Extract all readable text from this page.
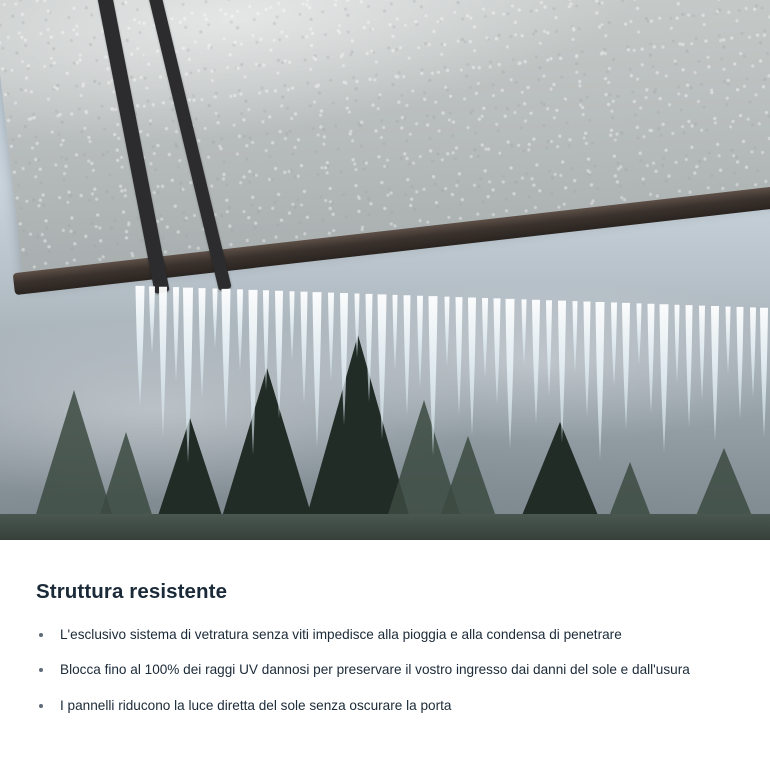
Struttura resistente
L'esclusivo sistema di vetratura senza viti impedisce alla pioggia e alla condensa di penetrare
Blocca fino al 100% dei raggi UV dannosi per preservare il vostro ingresso dai danni del sole e dall'usura
I pannelli riducono la luce diretta del sole senza oscurare la porta
